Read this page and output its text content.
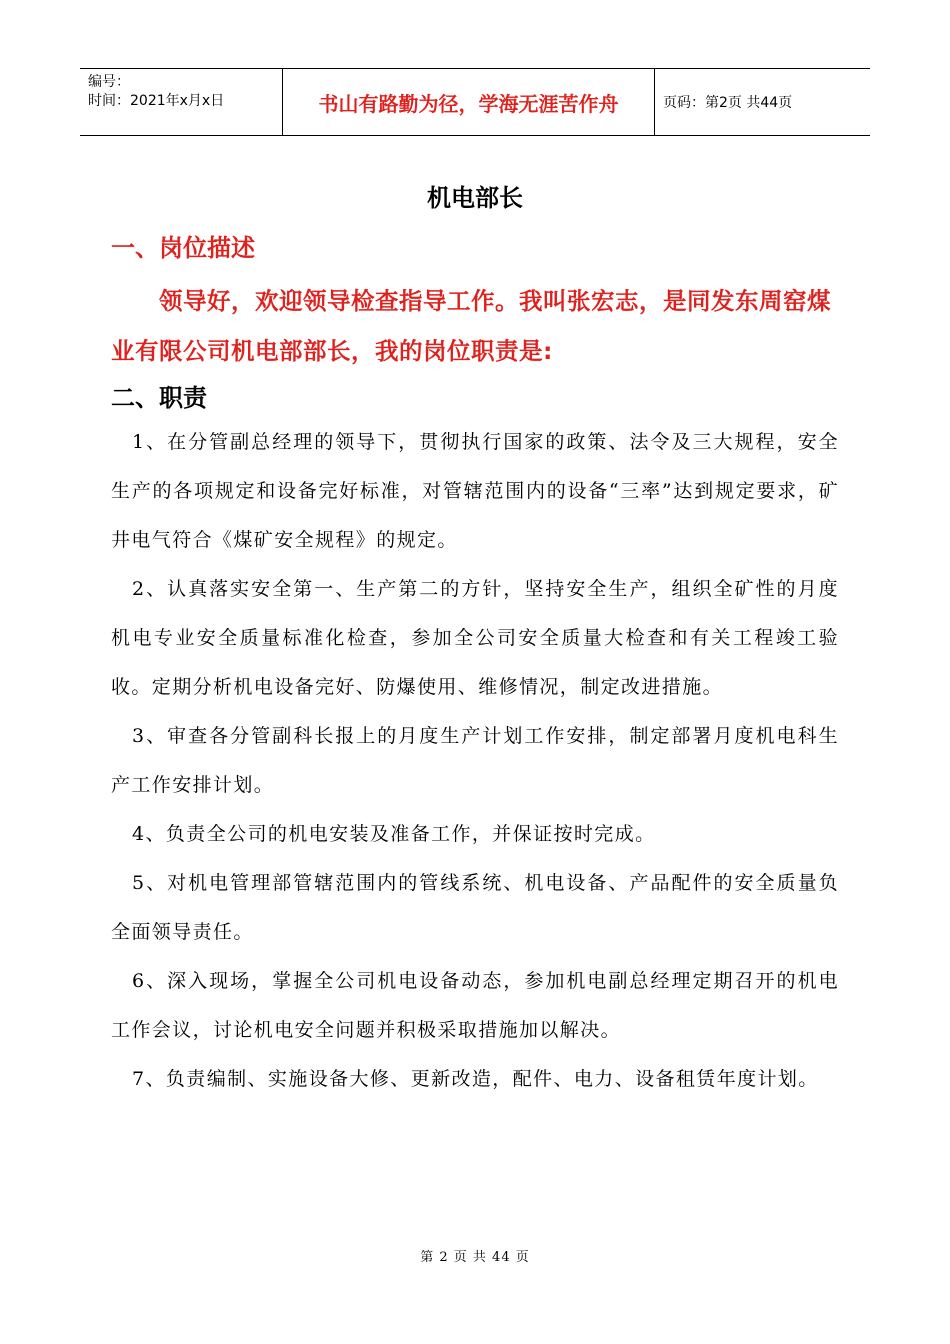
编号：
时间：2021年x月x日	书山有路勤为径，学海无涯苦作舟	页码：第2页 共44页
机电部长
一、岗位描述
领导好，欢迎领导检查指导工作。我叫张宏志，是同发东周窑煤业有限公司机电部部长，我的岗位职责是:
二、职责

1、在分管副总经理的领导下，贯彻执行国家的政策、法令及三大规程，安全生产的各项规定和设备完好标准，对管辖范围内的设备“三率”达到规定要求，矿井电气符合《煤矿安全规程》的规定。

2、认真落实安全第一、生产第二的方针，坚持安全生产，组织全矿性的月度机电专业安全质量标准化检查，参加全公司安全质量大检查和有关工程竣工验收。定期分析机电设备完好、防爆使用、维修情况，制定改进措施。

3、审查各分管副科长报上的月度生产计划工作安排，制定部署月度机电科生产工作安排计划。

4、负责全公司的机电安装及准备工作，并保证按时完成。

5、对机电管理部管辖范围内的管线系统、机电设备、产品配件的安全质量负全面领导责任。

6、深入现场，掌握全公司机电设备动态，参加机电副总经理定期召开的机电工作会议，讨论机电安全问题并积极采取措施加以解决。

7、负责编制、实施设备大修、更新改造，配件、电力、设备租赁年度计划。

第 2 页 共 44 页
